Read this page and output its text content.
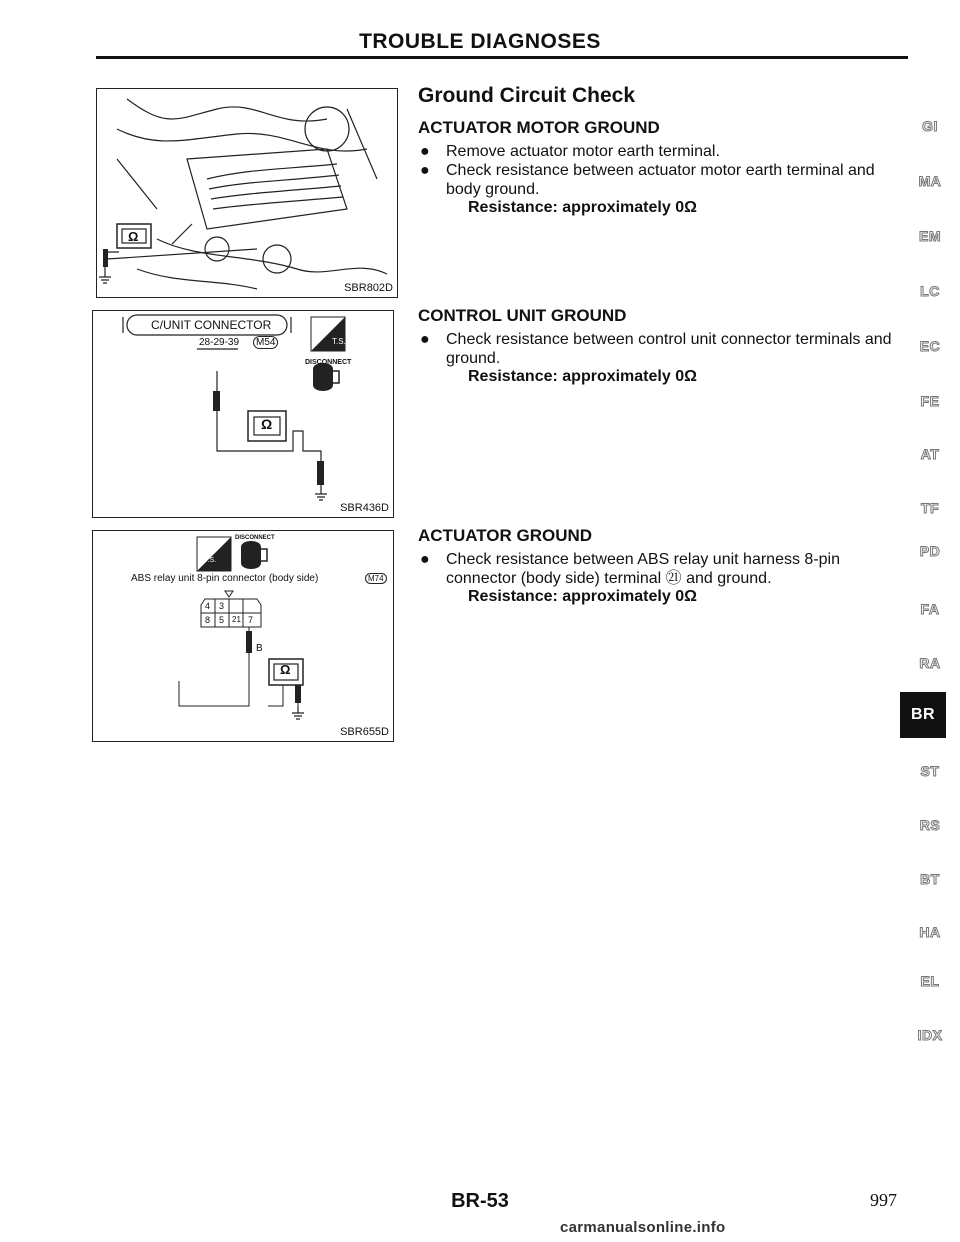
TROUBLE DIAGNOSES
Ω
SBR802D
C/UNIT CONNECTOR
28-29-39	M54	T.S.
DISCONNECT
Ω
SBR436D
T.S.
DISCONNECT
ABS relay unit 8-pin connector (body side)	M74
4 3
8 5 21 7
B
Ω
SBR655D
Ground Circuit Check
ACTUATOR MOTOR GROUND
● Remove actuator motor earth terminal.
● Check resistance between actuator motor earth terminal and body ground.
Resistance: approximately 0Ω
CONTROL UNIT GROUND
● Check resistance between control unit connector terminals and ground.
Resistance: approximately 0Ω
ACTUATOR GROUND
● Check resistance between ABS relay unit harness 8-pin connector (body side) terminal ㉑ and ground.
Resistance: approximately 0Ω
GI
MA
EM
LC
EC
FE
AT
TF
PD
FA
RA
BR
ST
RS
BT
HA
EL
IDX
BR-53	997
carmanualsonline.info
